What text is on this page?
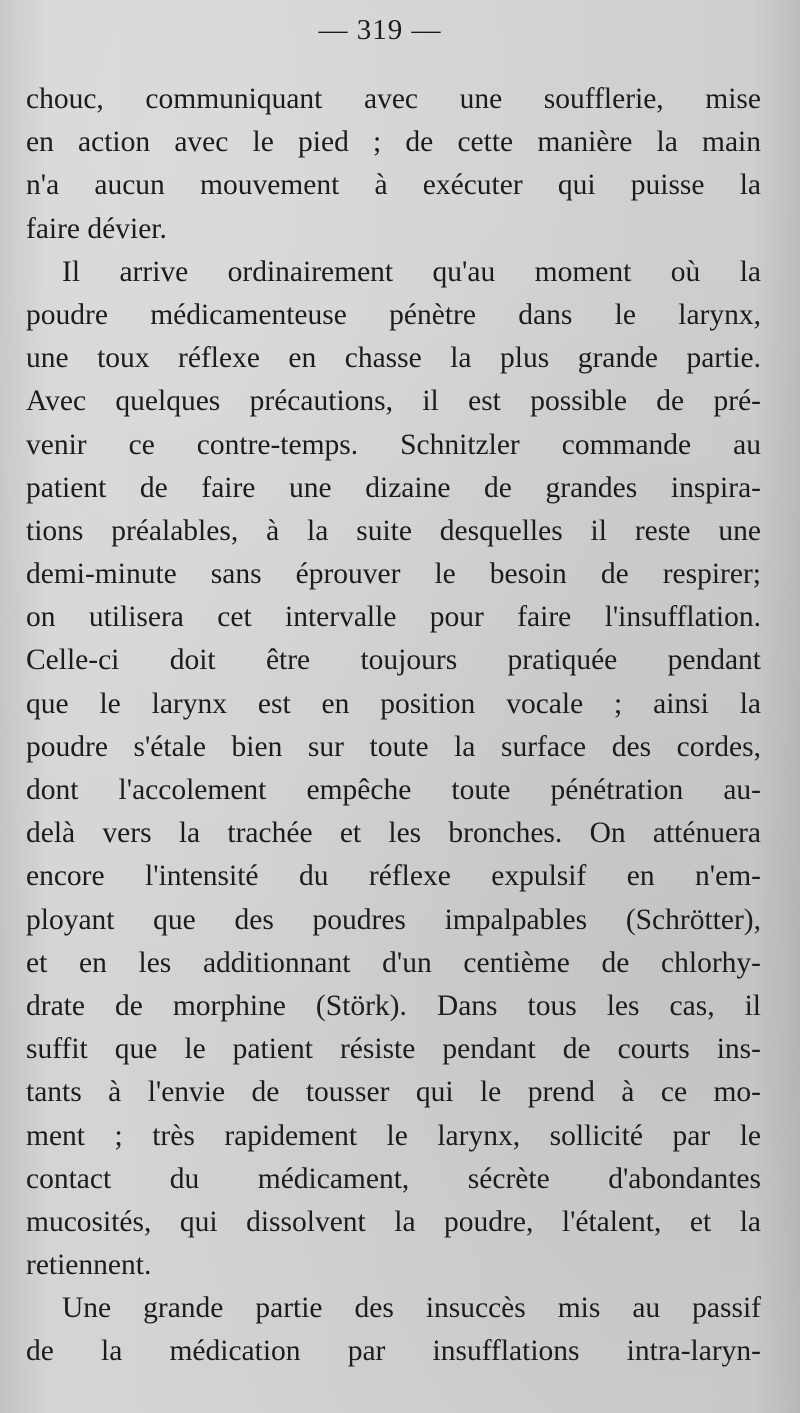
— 319 —
chouc, communiquant avec une soufflerie, mise
en action avec le pied ; de cette manière la main
n'a aucun mouvement à exécuter qui puisse la
faire dévier.
Il arrive ordinairement qu'au moment où la
poudre médicamenteuse pénètre dans le larynx,
une toux réflexe en chasse la plus grande partie.
Avec quelques précautions, il est possible de pré-
venir ce contre-temps. Schnitzler commande au
patient de faire une dizaine de grandes inspira-
tions préalables, à la suite desquelles il reste une
demi-minute sans éprouver le besoin de respirer;
on utilisera cet intervalle pour faire l'insufflation.
Celle-ci doit être toujours pratiquée pendant
que le larynx est en position vocale ; ainsi la
poudre s'étale bien sur toute la surface des cordes,
dont l'accolement empêche toute pénétration au-
delà vers la trachée et les bronches. On atténuera
encore l'intensité du réflexe expulsif en n'em-
ployant que des poudres impalpables (Schrötter),
et en les additionnant d'un centième de chlorhy-
drate de morphine (Störk). Dans tous les cas, il
suffit que le patient résiste pendant de courts ins-
tants à l'envie de tousser qui le prend à ce mo-
ment ; très rapidement le larynx, sollicité par le
contact du médicament, sécrète d'abondantes
mucosités, qui dissolvent la poudre, l'étalent, et la
retiennent.
Une grande partie des insuccès mis au passif
de la médication par insufflations intra-laryn-
